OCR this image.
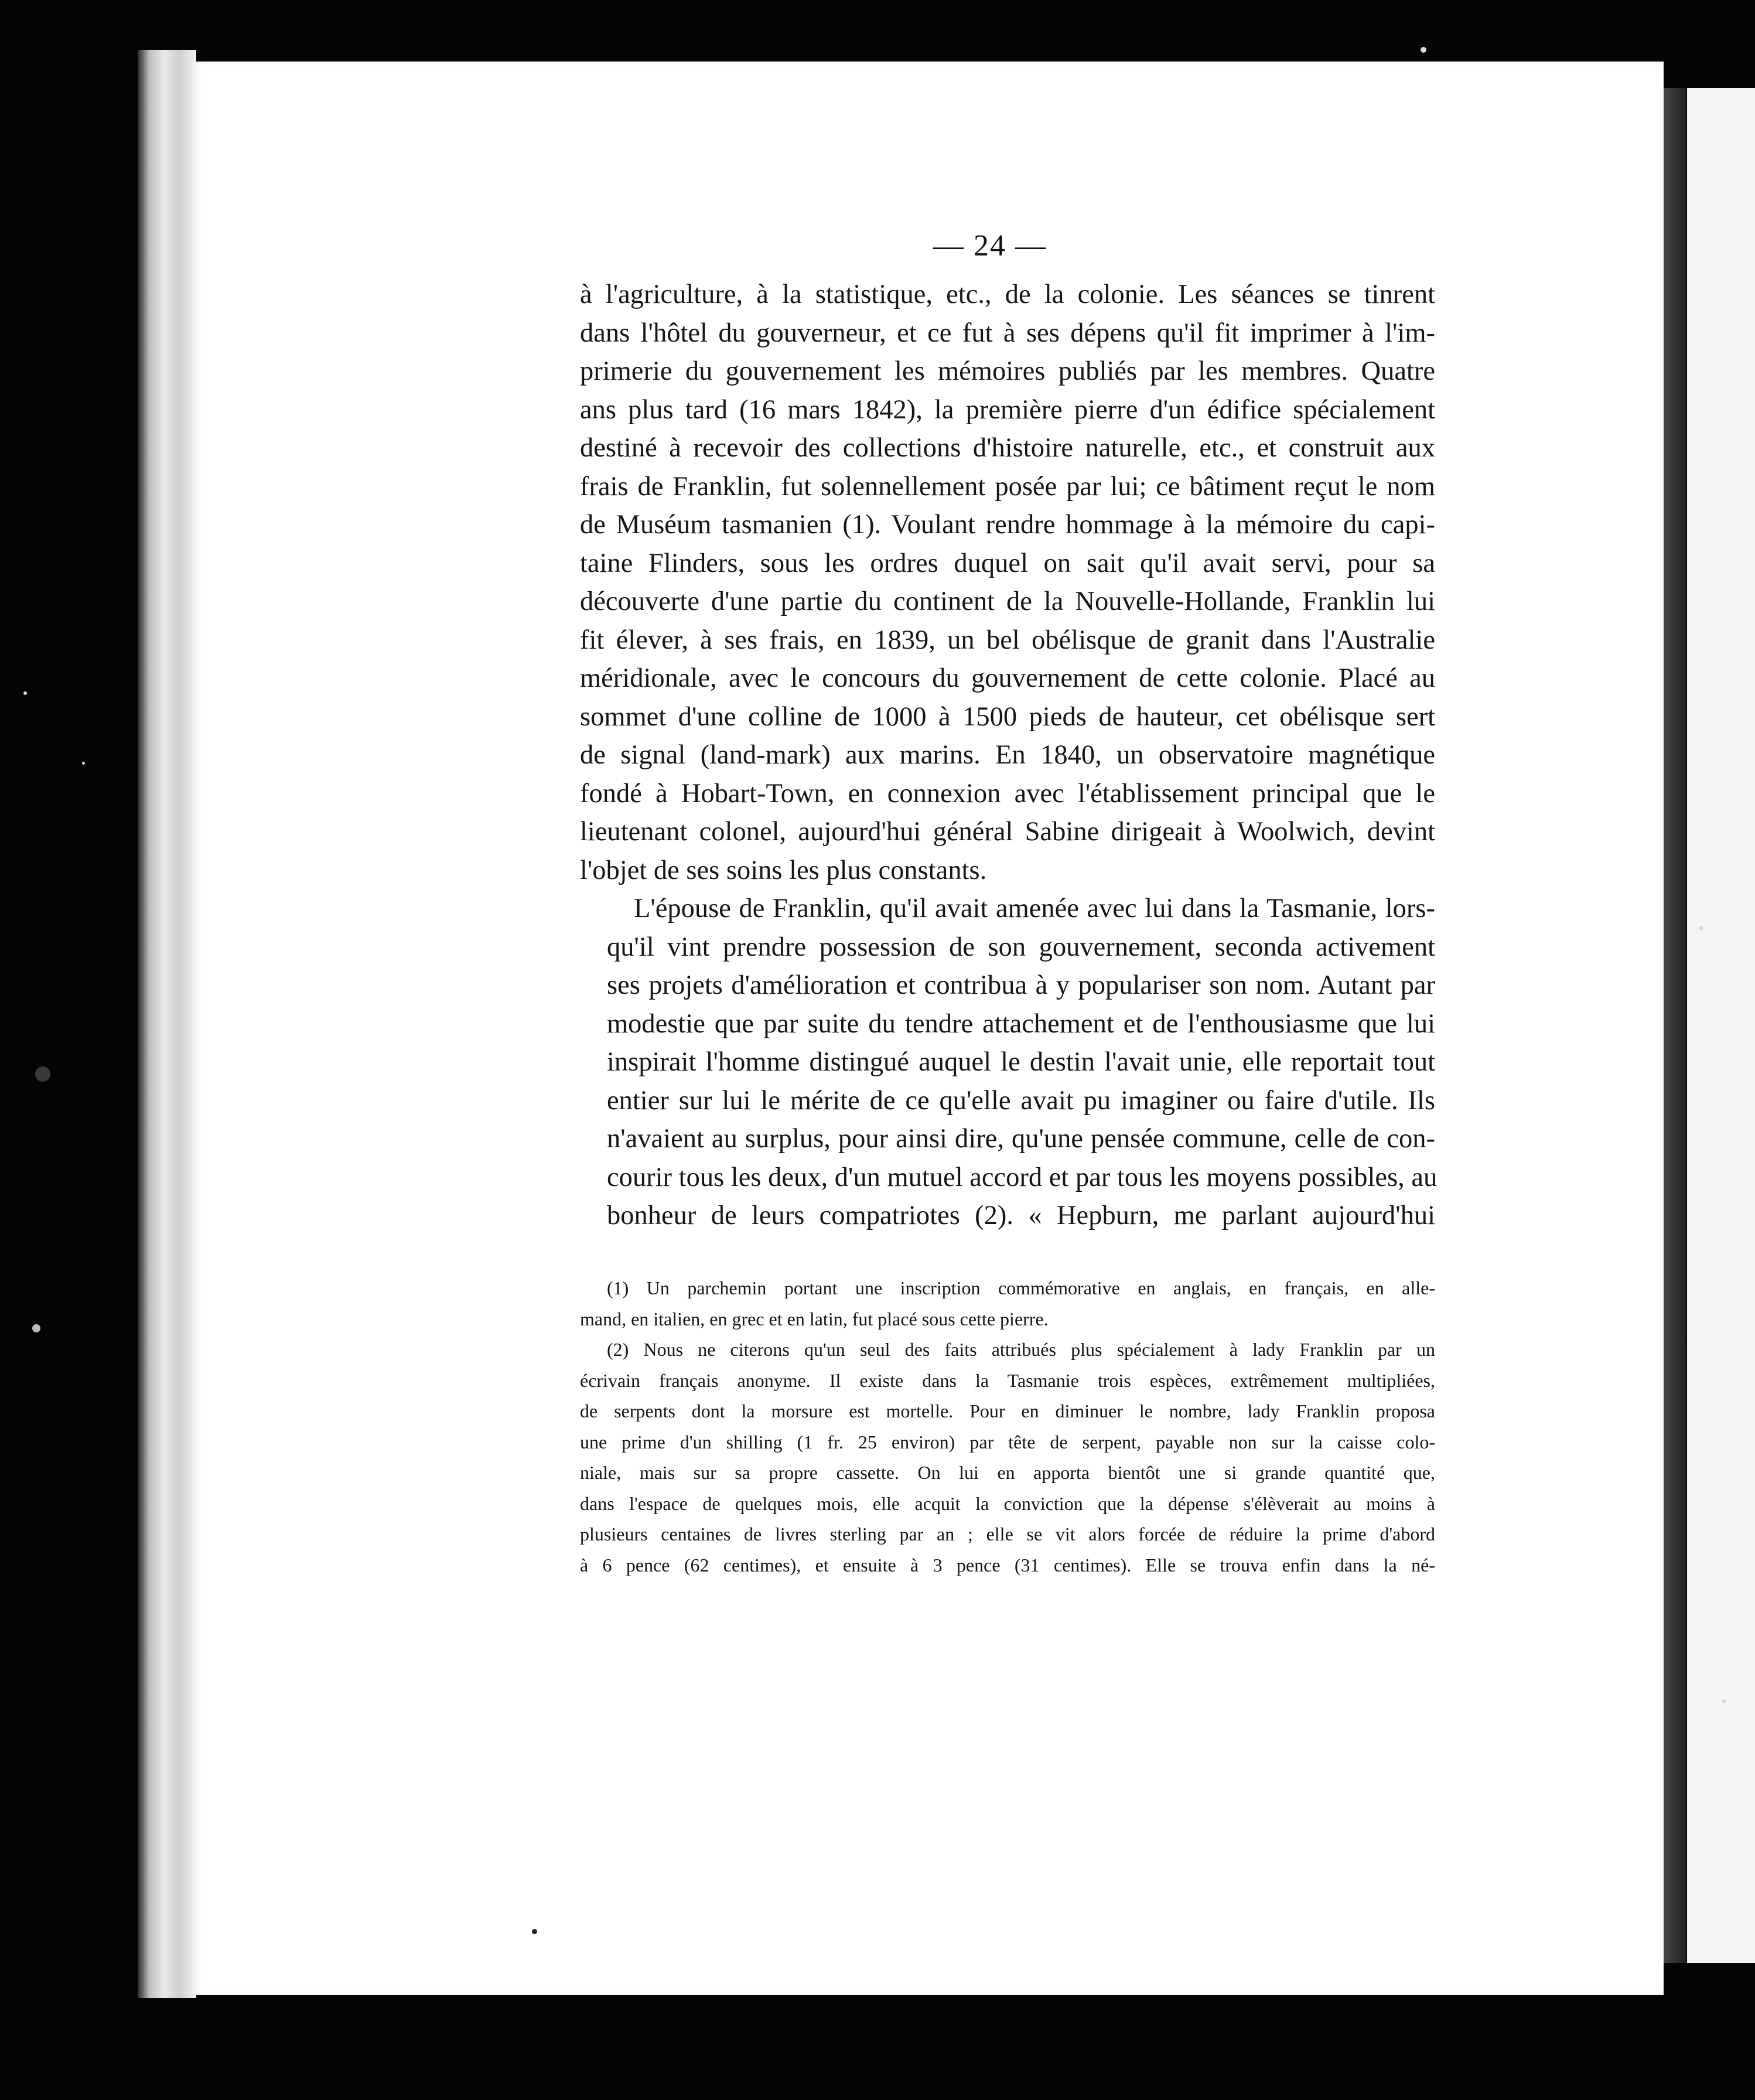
— 24 —

à l'agriculture, à la statistique, etc., de la colonie. Les séances se tinrent
dans l'hôtel du gouverneur, et ce fut à ses dépens qu'il fit imprimer à l'im-
primerie du gouvernement les mémoires publiés par les membres. Quatre
ans plus tard (16 mars 1842), la première pierre d'un édifice spécialement
destiné à recevoir des collections d'histoire naturelle, etc., et construit aux
frais de Franklin, fut solennellement posée par lui; ce bâtiment reçut le nom
de Muséum tasmanien (1). Voulant rendre hommage à la mémoire du capi-
taine Flinders, sous les ordres duquel on sait qu'il avait servi, pour sa
découverte d'une partie du continent de la Nouvelle-Hollande, Franklin lui
fit élever, à ses frais, en 1839, un bel obélisque de granit dans l'Australie
méridionale, avec le concours du gouvernement de cette colonie. Placé au
sommet d'une colline de 1000 à 1500 pieds de hauteur, cet obélisque sert
de signal (land-mark) aux marins. En 1840, un observatoire magnétique
fondé à Hobart-Town, en connexion avec l'établissement principal que le
lieutenant colonel, aujourd'hui général Sabine dirigeait à Woolwich, devint
l'objet de ses soins les plus constants.

L'épouse de Franklin, qu'il avait amenée avec lui dans la Tasmanie, lors-
qu'il vint prendre possession de son gouvernement, seconda activement
ses projets d'amélioration et contribua à y populariser son nom. Autant par
modestie que par suite du tendre attachement et de l'enthousiasme que lui
inspirait l'homme distingué auquel le destin l'avait unie, elle reportait tout
entier sur lui le mérite de ce qu'elle avait pu imaginer ou faire d'utile. Ils
n'avaient au surplus, pour ainsi dire, qu'une pensée commune, celle de con-
courir tous les deux, d'un mutuel accord et par tous les moyens possibles, au
bonheur de leurs compatriotes (2). « Hepburn, me parlant aujourd'hui

(1) Un parchemin portant une inscription commémorative en anglais, en français, en alle-
mand, en italien, en grec et en latin, fut placé sous cette pierre.

(2) Nous ne citerons qu'un seul des faits attribués plus spécialement à lady Franklin par un
écrivain français anonyme. Il existe dans la Tasmanie trois espèces, extrêmement multipliées,
de serpents dont la morsure est mortelle. Pour en diminuer le nombre, lady Franklin proposa
une prime d'un shilling (1 fr. 25 environ) par tête de serpent, payable non sur la caisse colo-
niale, mais sur sa propre cassette. On lui en apporta bientôt une si grande quantité que,
dans l'espace de quelques mois, elle acquit la conviction que la dépense s'élèverait au moins à
plusieurs centaines de livres sterling par an ; elle se vit alors forcée de réduire la prime d'abord
à 6 pence (62 centimes), et ensuite à 3 pence (31 centimes). Elle se trouva enfin dans la né-
